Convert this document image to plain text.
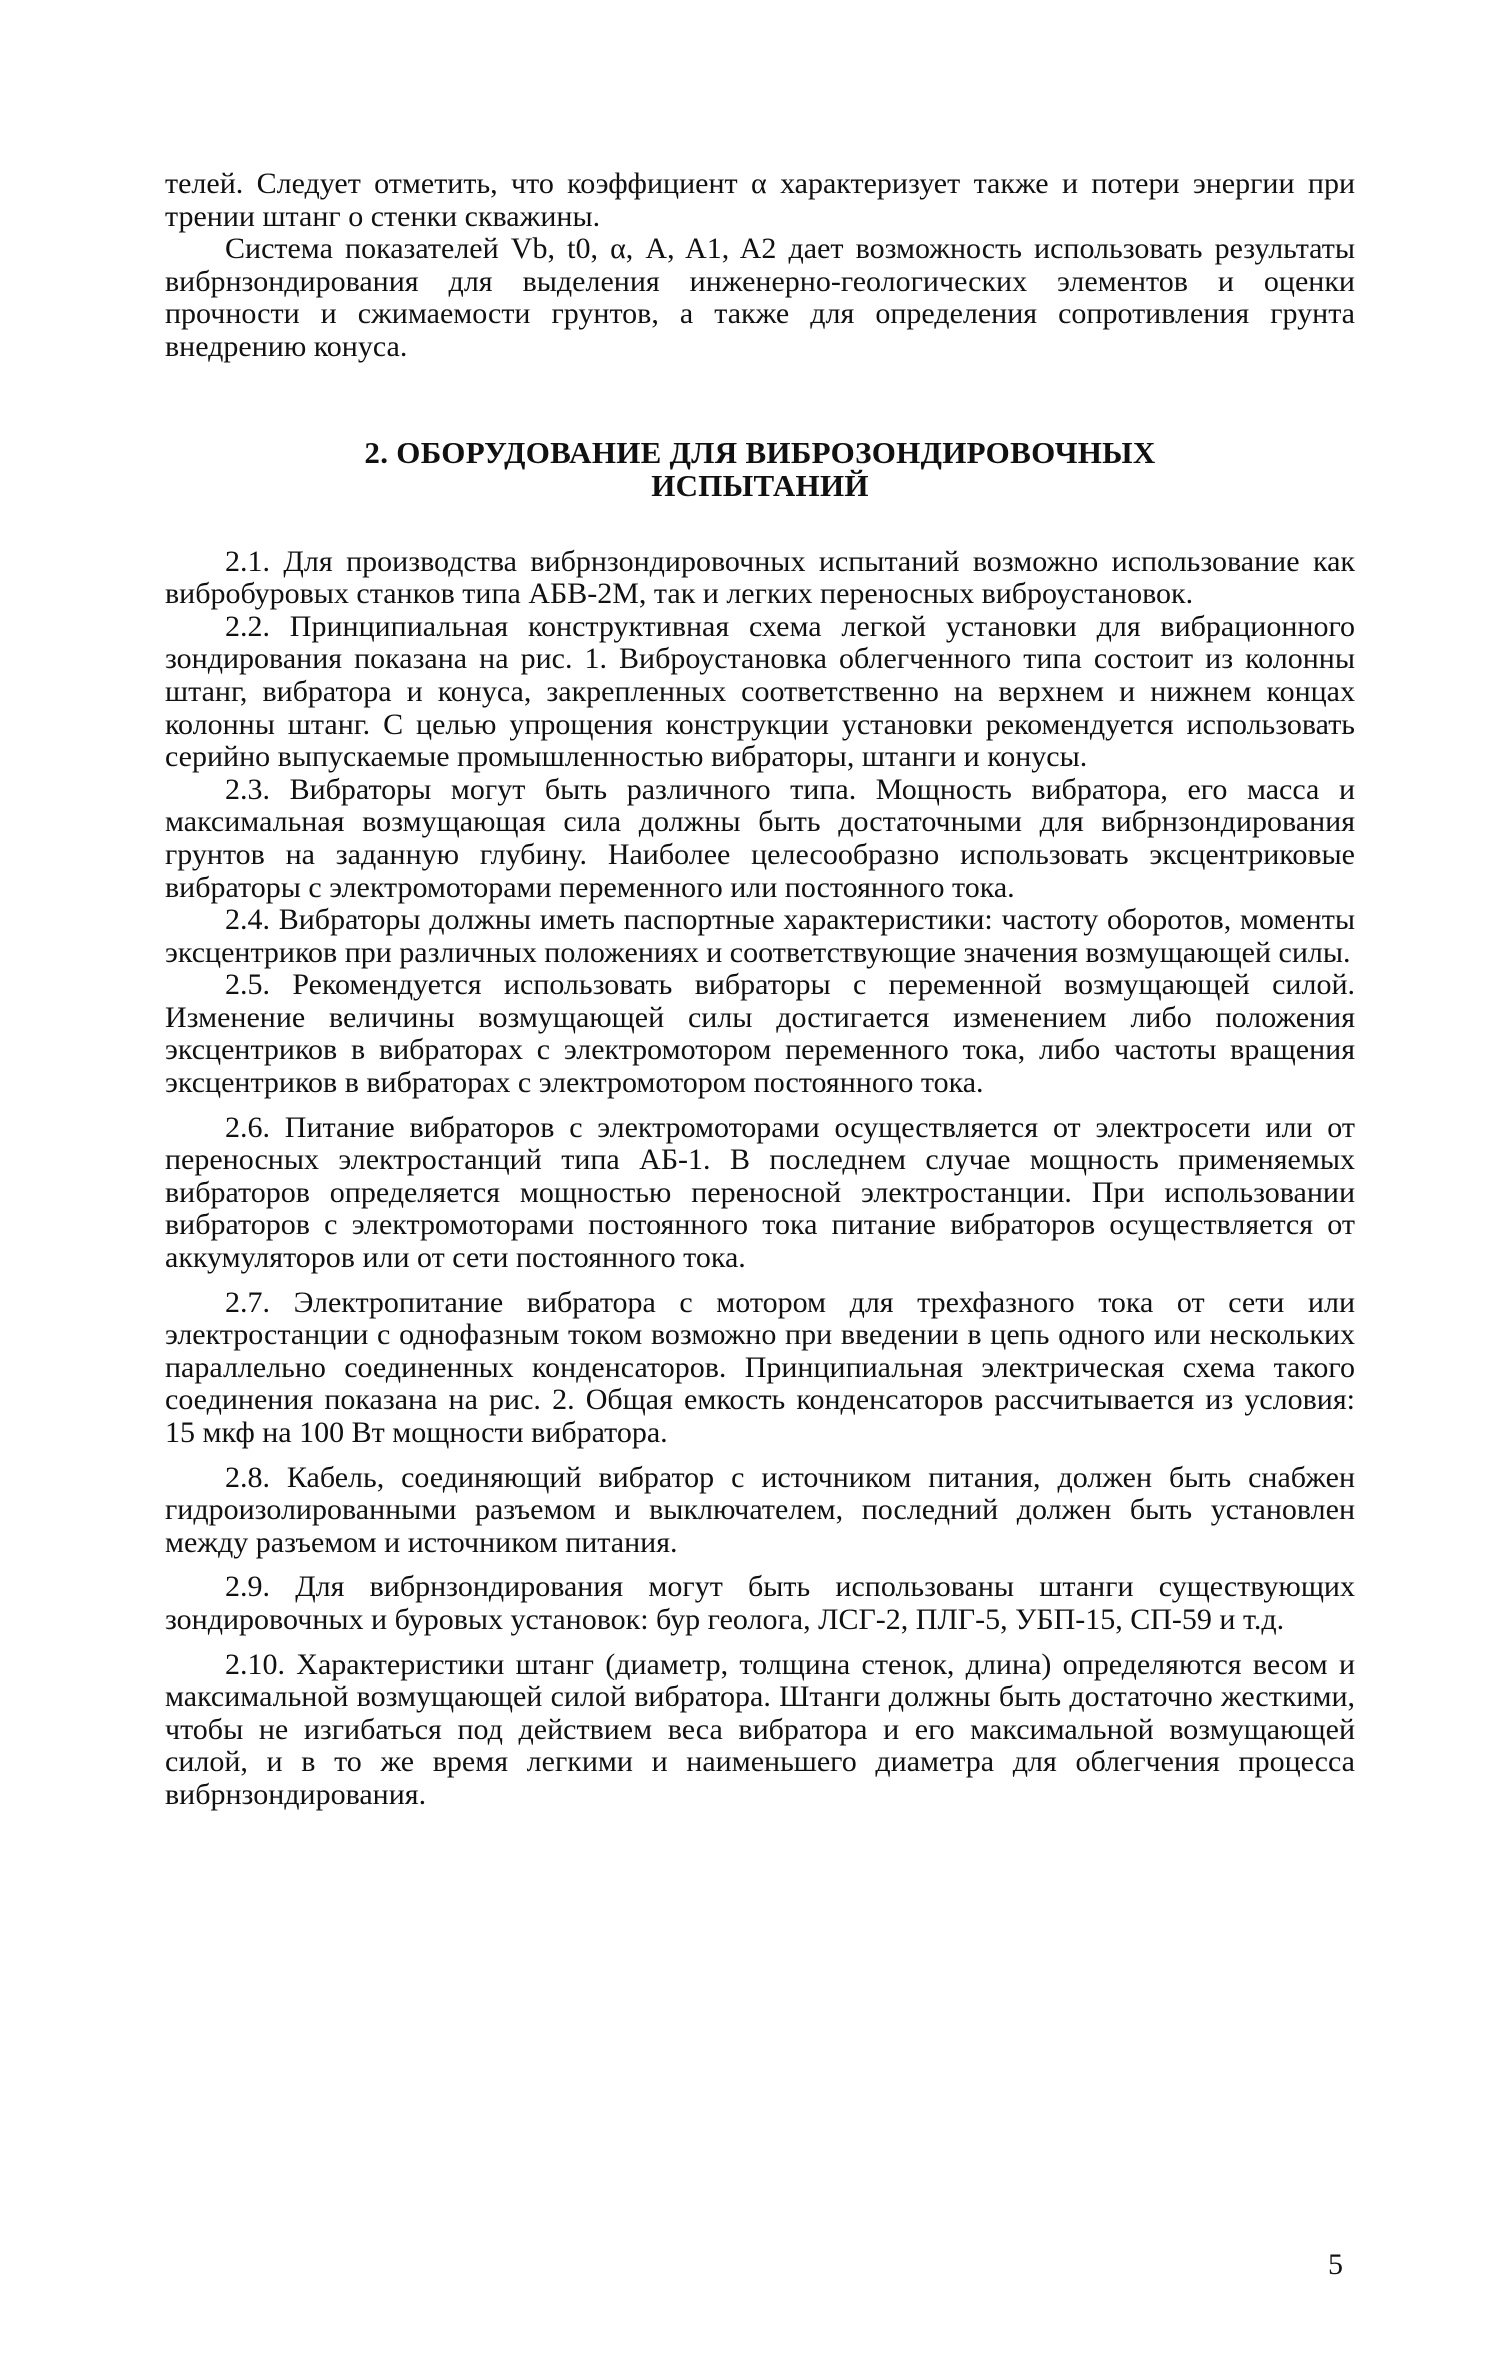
телей. Следует отметить, что коэффициент α характеризует также и потери энергии при трении штанг о стенки скважины.

Система показателей Vb, t0, α, A, A1, A2 дает возможность использовать результаты вибрнзондирования для выделения инженерно-геологических элементов и оценки прочности и сжимаемости грунтов, а также для определения сопротивления грунта внедрению конуса.

2. ОБОРУДОВАНИЕ ДЛЯ ВИБРОЗОНДИРОВОЧНЫХ
ИСПЫТАНИЙ

2.1. Для производства вибрнзондировочных испытаний возможно использование как вибробуровых станков типа АБВ-2М, так и легких переносных виброустановок.

2.2. Принципиальная конструктивная схема легкой установки для вибрационного зондирования показана на рис. 1. Виброустановка облегченного типа состоит из колонны штанг, вибратора и конуса, закрепленных соответственно на верхнем и нижнем концах колонны штанг. С целью упрощения конструкции установки рекомендуется использовать серийно выпускаемые промышленностью вибраторы, штанги и конусы.

2.3. Вибраторы могут быть различного типа. Мощность вибратора, его масса и максимальная возмущающая сила должны быть достаточными для вибрнзондирования грунтов на заданную глубину. Наиболее целесообразно использовать эксцентриковые вибраторы с электромоторами переменного или постоянного тока.

2.4. Вибраторы должны иметь паспортные характеристики: частоту оборотов, моменты эксцентриков при различных положениях и соответствующие значения возмущающей силы.

2.5. Рекомендуется использовать вибраторы с переменной возмущающей силой. Изменение величины возмущающей силы достигается изменением либо положения эксцентриков в вибраторах с электромотором переменного тока, либо частоты вращения эксцентриков в вибраторах с электромотором постоянного тока.

2.6. Питание вибраторов с электромоторами осуществляется от электросети или от переносных электростанций типа АБ-1. В последнем случае мощность применяемых вибраторов определяется мощностью переносной электростанции. При использовании вибраторов с электромоторами постоянного тока питание вибраторов осуществляется от аккумуляторов или от сети постоянного тока.

2.7. Электропитание вибратора с мотором для трехфазного тока от сети или электростанции с однофазным током возможно при введении в цепь одного или нескольких параллельно соединенных конденсаторов. Принципиальная электрическая схема такого соединения показана на рис. 2. Общая емкость конденсаторов рассчитывается из условия: 15 мкф на 100 Вт мощности вибратора.

2.8. Кабель, соединяющий вибратор с источником питания, должен быть снабжен гидроизолированными разъемом и выключателем, последний должен быть установлен между разъемом и источником питания.

2.9. Для вибрнзондирования могут быть использованы штанги существующих зондировочных и буровых установок: бур геолога, ЛСГ-2, ПЛГ-5, УБП-15, СП-59 и т.д.

2.10. Характеристики штанг (диаметр, толщина стенок, длина) определяются весом и максимальной возмущающей силой вибратора. Штанги должны быть достаточно жесткими, чтобы не изгибаться под действием веса вибратора и его максимальной возмущающей силой, и в то же время легкими и наименьшего диаметра для облегчения процесса вибрнзондирования.

5
